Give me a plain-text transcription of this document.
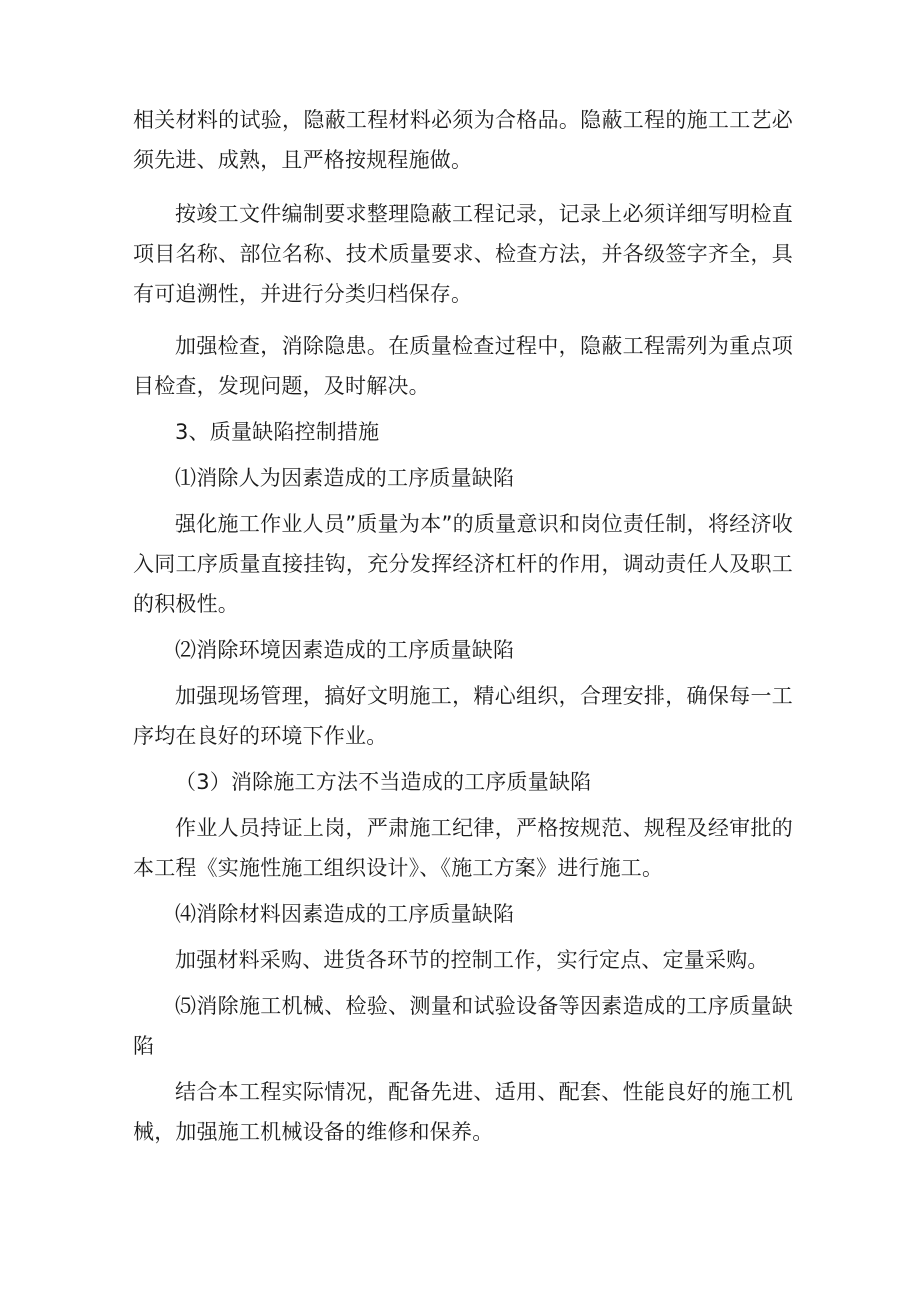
相关材料的试验，隐蔽工程材料必须为合格品。隐蔽工程的施工工艺必须先进、成熟，且严格按规程施做。

按竣工文件编制要求整理隐蔽工程记录，记录上必须详细写明检直项目名称、部位名称、技术质量要求、检查方法，并各级签字齐全，具有可追溯性，并进行分类归档保存。

加强检查，消除隐患。在质量检查过程中，隐蔽工程需列为重点项目检查，发现问题，及时解决。

3、质量缺陷控制措施

⑴消除人为因素造成的工序质量缺陷

强化施工作业人员”质量为本”的质量意识和岗位责任制，将经济收入同工序质量直接挂钩，充分发挥经济杠杆的作用，调动责任人及职工的积极性。

⑵消除环境因素造成的工序质量缺陷

加强现场管理，搞好文明施工，精心组织，合理安排，确保每一工序均在良好的环境下作业。

（3）消除施工方法不当造成的工序质量缺陷

作业人员持证上岗，严肃施工纪律，严格按规范、规程及经审批的本工程《实施性施工组织设计》、《施工方案》进行施工。

⑷消除材料因素造成的工序质量缺陷

加强材料采购、进货各环节的控制工作，实行定点、定量采购。

⑸消除施工机械、检验、测量和试验设备等因素造成的工序质量缺陷

结合本工程实际情况，配备先进、适用、配套、性能良好的施工机械，加强施工机械设备的维修和保养。
